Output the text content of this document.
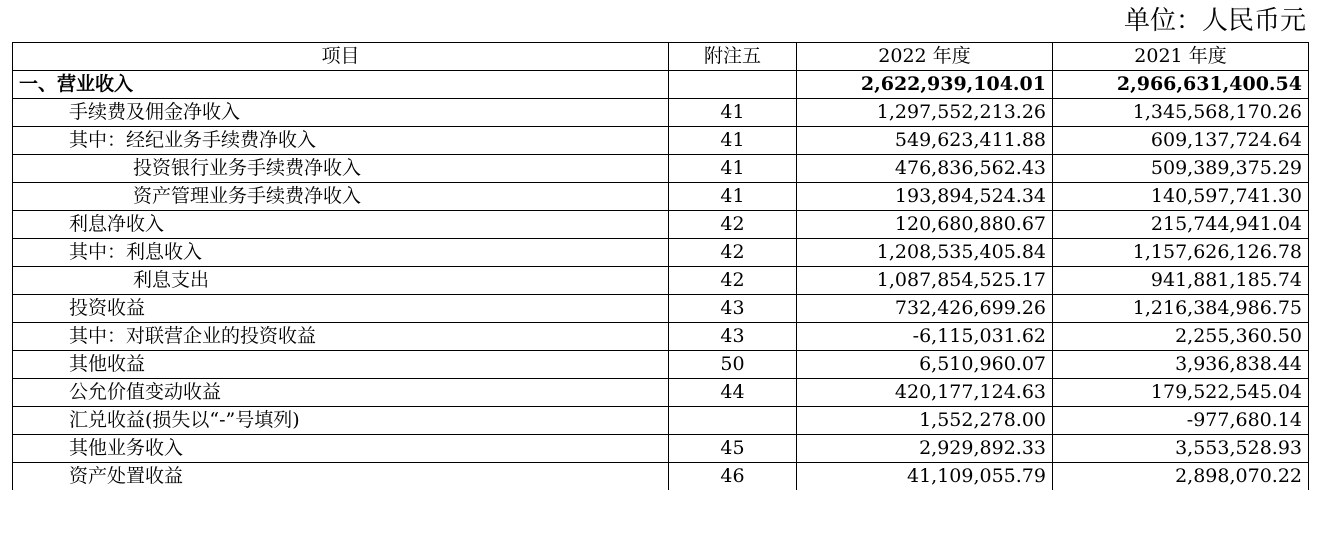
单位：人民币元
项目	附注五	2022 年度	2021 年度
一、营业收入		2,622,939,104.01	2,966,631,400.54
手续费及佣金净收入	41	1,297,552,213.26	1,345,568,170.26
其中：经纪业务手续费净收入	41	549,623,411.88	609,137,724.64
投资银行业务手续费净收入	41	476,836,562.43	509,389,375.29
资产管理业务手续费净收入	41	193,894,524.34	140,597,741.30
利息净收入	42	120,680,880.67	215,744,941.04
其中：利息收入	42	1,208,535,405.84	1,157,626,126.78
利息支出	42	1,087,854,525.17	941,881,185.74
投资收益	43	732,426,699.26	1,216,384,986.75
其中：对联营企业的投资收益	43	-6,115,031.62	2,255,360.50
其他收益	50	6,510,960.07	3,936,838.44
公允价值变动收益	44	420,177,124.63	179,522,545.04
汇兑收益(损失以“-”号填列)		1,552,278.00	-977,680.14
其他业务收入	45	2,929,892.33	3,553,528.93
资产处置收益	46	41,109,055.79	2,898,070.22
